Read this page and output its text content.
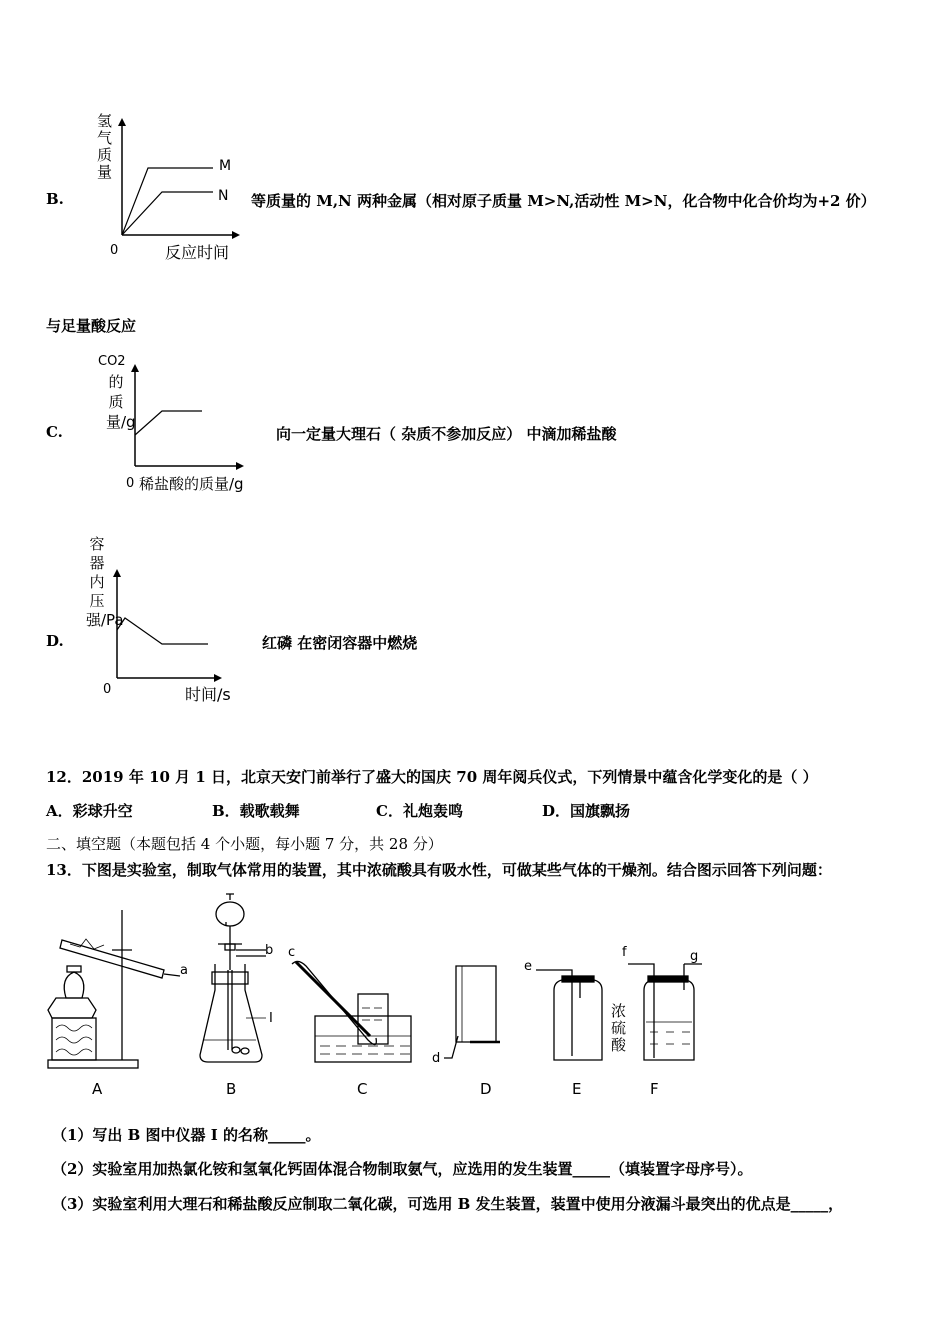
B.
M
N
0	反应时间
氢气质量
等质量的 M,N 两种金属（相对原子质量 M>N,活动性 M>N，化合物中化合价均为+2 价）
与足量酸反应
C.
0 稀盐酸的质量/g
CO2
的质量/g
向一定量大理石（ 杂质不参加反应） 中滴加稀盐酸
D.
0	时间/s
容器内压强/Pa
红磷 在密闭容器中燃烧
12．2019 年 10 月 1 日，北京天安门前举行了盛大的国庆 70 周年阅兵仪式，下列情景中蕴含化学变化的是（ ）
A．彩球升空	B．载歌载舞	C．礼炮轰鸣	D．国旗飘扬
二、填空题（本题包括 4 个小题，每小题 7 分，共 28 分）
13．下图是实验室，制取气体常用的装置，其中浓硫酸具有吸水性，可做某些气体的干燥剂。结合图示回答下列问题：
a
b
I
c
d
e
f	g
A	B	C	D	E	F
浓硫酸
（1）写出 B 图中仪器 I 的名称_____。
（2）实验室用加热氯化铵和氢氧化钙固体混合物制取氨气，应选用的发生装置_____（填装置字母序号）。
（3）实验室利用大理石和稀盐酸反应制取二氧化碳，可选用 B 发生装置，装置中使用分液漏斗最突出的优点是_____，
